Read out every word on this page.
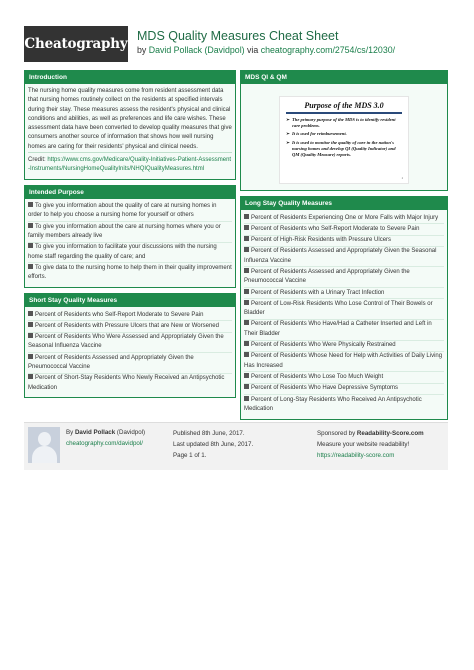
Cheatography MDS Quality Measures Cheat Sheet
by David Pollack (Davidpol) via cheatography.com/2754/cs/12030/
Introduction

The nursing home quality measures come from resident assessment data that nursing homes routinely collect on the residents at specified intervals during their stay. These measures assess the resident's physical and clinical conditions and abilities, as well as preferences and life care wishes. These assessment data have been converted to develop quality measures that give consumers another source of information that shows how well nursing homes are caring for their residents' physical and clinical needs.

Credit: https://www.cms.gov/Medicare/Quality-Initiatives-Patient-Assessment-Instruments/NursingHomeQualityInits/NHQIQualityMeasures.html

Intended Purpose
To give you information about the quality of care at nursing homes in order to help you choose a nursing home for yourself or others
To give you information about the care at nursing homes where you or family members already live
To give you information to facilitate your discussions with the nursing home staff regarding the quality of care; and
To give data to the nursing home to help them in their quality improvement efforts.
Short Stay Quality Measures
Percent of Residents who Self-Report Moderate to Severe Pain
Percent of Residents with Pressure Ulcers that are New or Worsened
Percent of Residents Who Were Assessed and Appropriately Given the Seasonal Influenza Vaccine
Percent of Residents Assessed and Appropriately Given the Pneumococcal Vaccine
Percent of Short-Stay Residents Who Newly Received an Antipsychotic Medication
MDS QI & QM
Purpose of the MDS 3.0
➢ The primary purpose of the MDS is to identify resident care problems.
➢ It is used for reimbursement.
➢ It is used to monitor the quality of care in the nation's nursing homes and develop QI (Quality Indicator) and QM (Quality Measure) reports.
1
Long Stay Quality Measures
Percent of Residents Experiencing One or More Falls with Major Injury
Percent of Residents who Self-Report Moderate to Severe Pain
Percent of High-Risk Residents with Pressure Ulcers
Percent of Residents Assessed and Appropriately Given the Seasonal Influenza Vaccine
Percent of Residents Assessed and Appropriately Given the Pneumococcal Vaccine
Percent of Residents with a Urinary Tract Infection
Percent of Low-Risk Residents Who Lose Control of Their Bowels or Bladder
Percent of Residents Who Have/Had a Catheter Inserted and Left in Their Bladder
Percent of Residents Who Were Physically Restrained
Percent of Residents Whose Need for Help with Activities of Daily Living Has Increased
Percent of Residents Who Lose Too Much Weight
Percent of Residents Who Have Depressive Symptoms
Percent of Long-Stay Residents Who Received An Antipsychotic Medication
By David Pollack (Davidpol)
cheatography.com/davidpol/
Published 8th June, 2017.
Last updated 8th June, 2017.
Page 1 of 1.
Sponsored by Readability-Score.com
Measure your website readability!
https://readability-score.com
